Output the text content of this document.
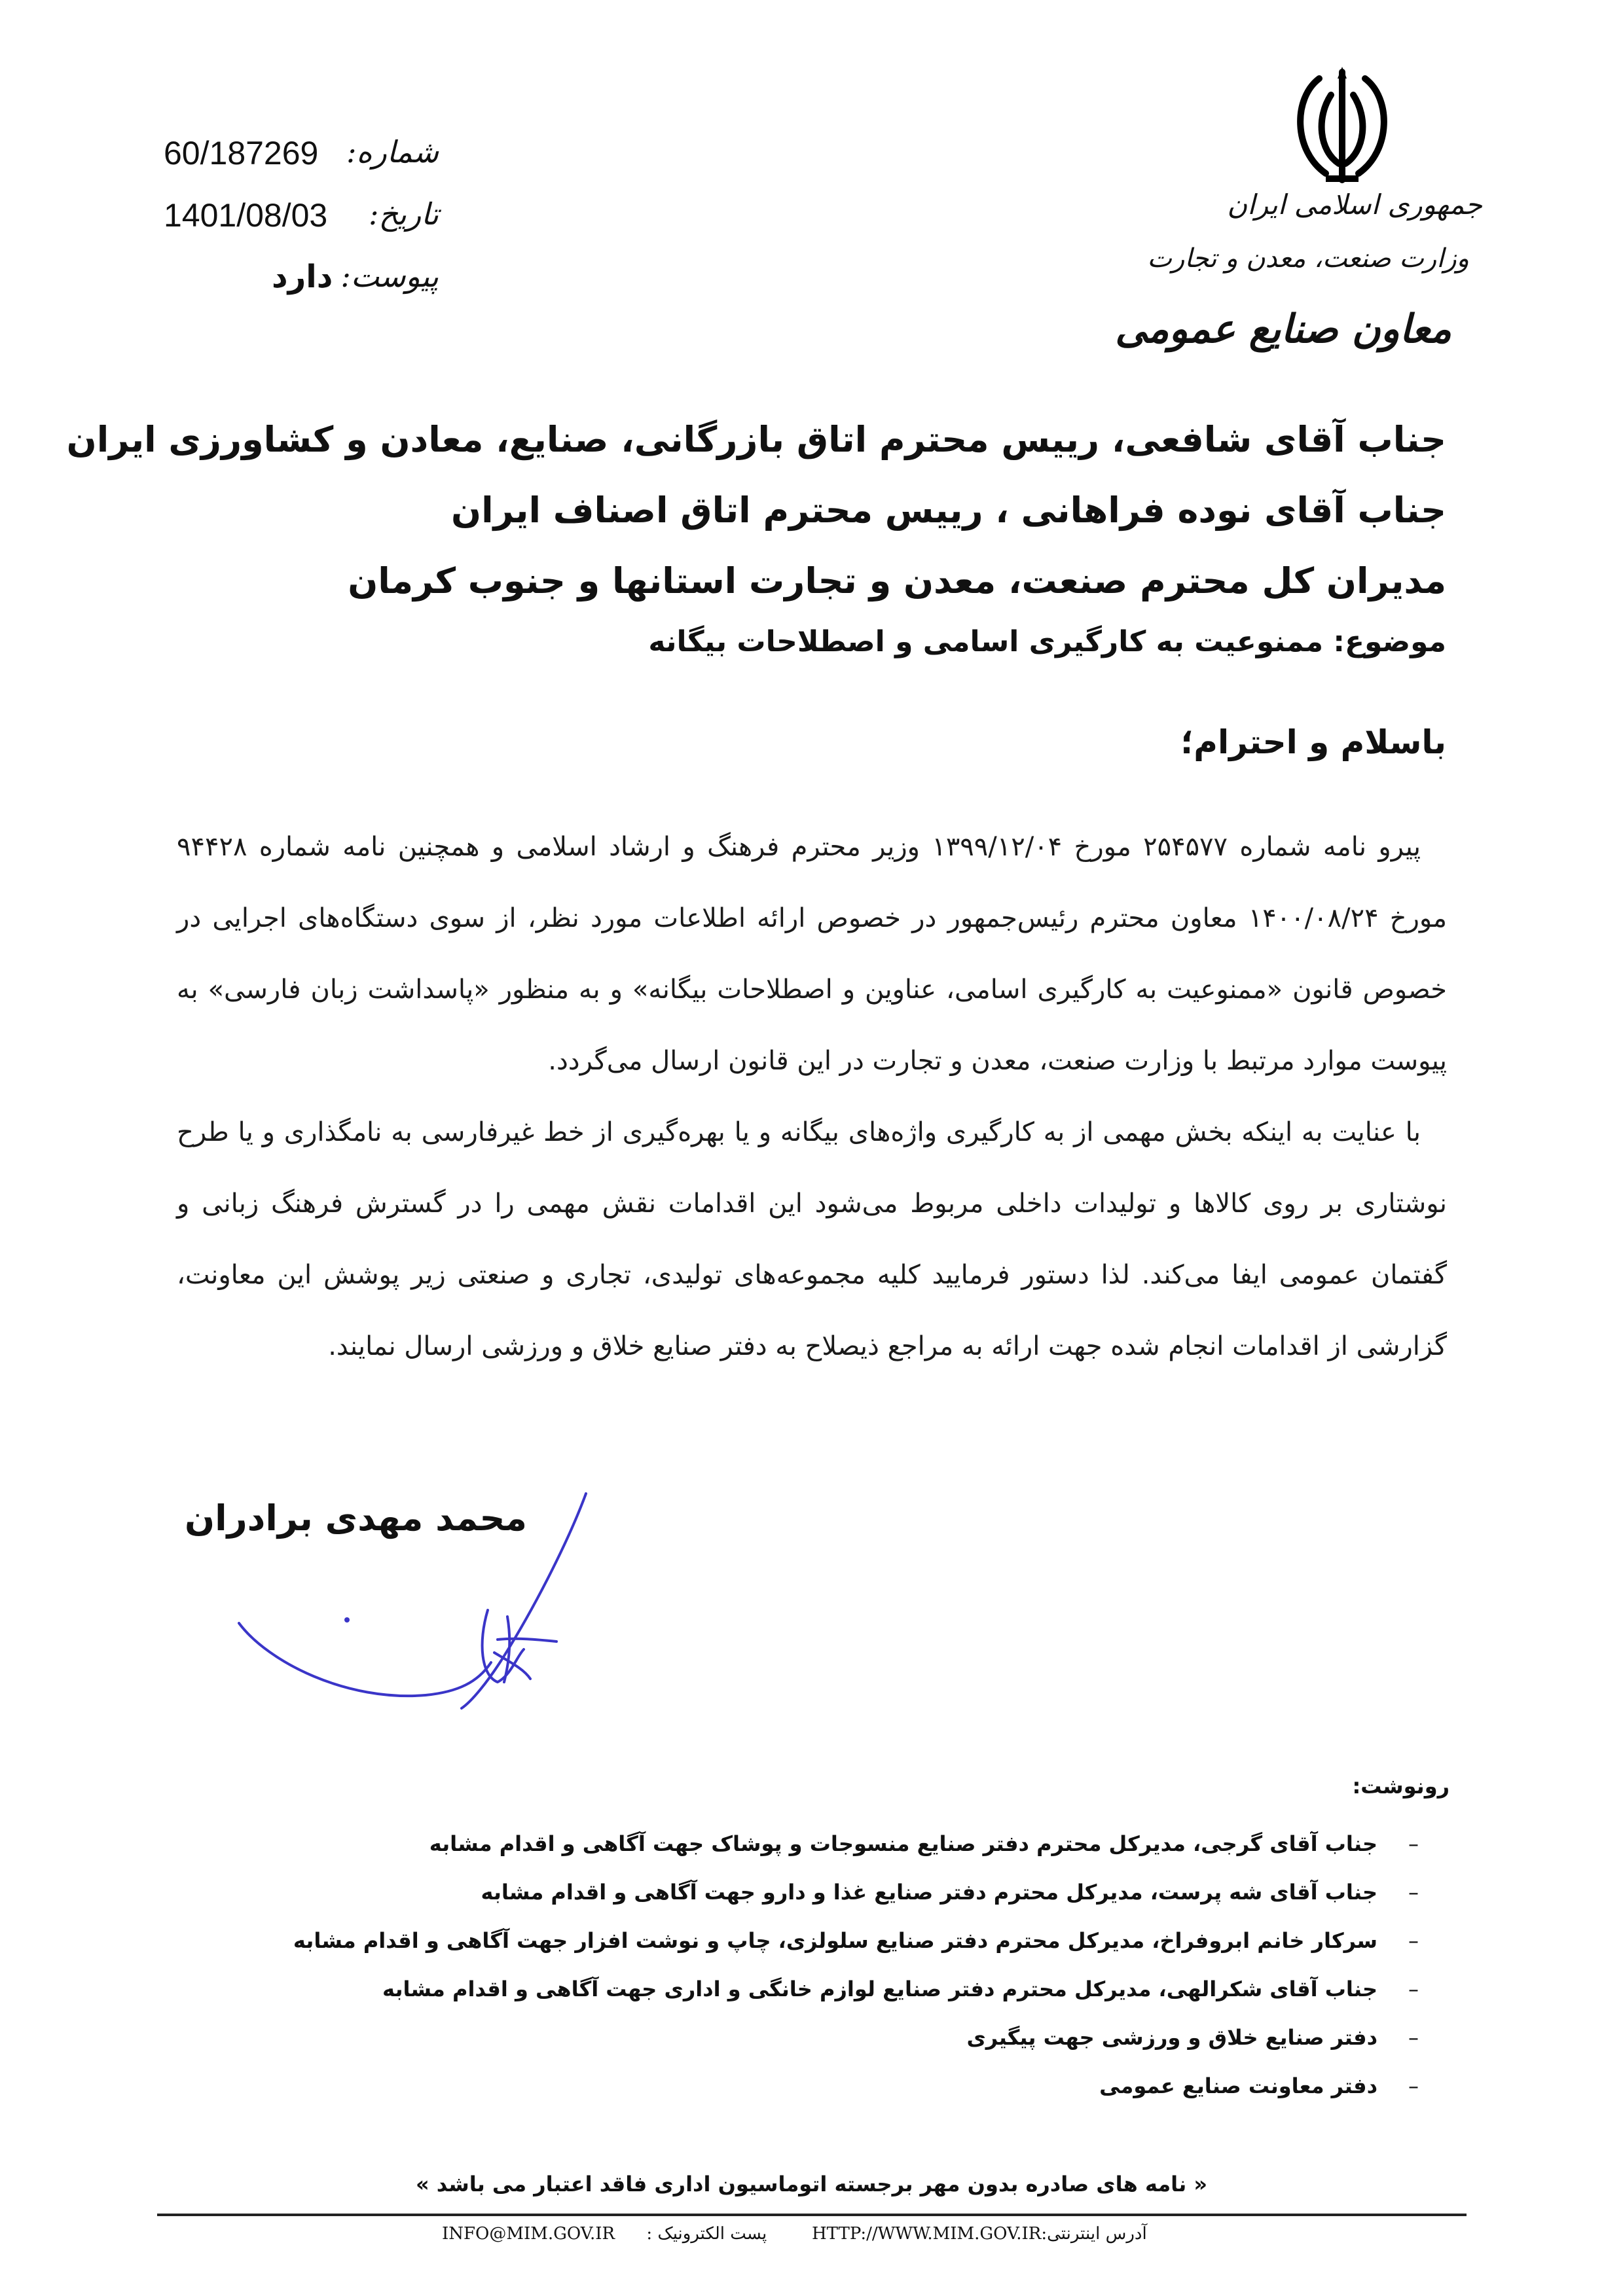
60/187269 شماره:
1401/08/03 تاریخ:
دارد پیوست:
جمهوری اسلامی ایران
وزارت صنعت، معدن و تجارت
معاون صنایع عمومی
جناب آقای شافعی، رییس محترم اتاق بازرگانی، صنایع، معادن و کشاورزی ایران
جناب آقای نوده فراهانی ، رییس محترم اتاق اصناف ایران
مدیران کل محترم صنعت، معدن و تجارت استانها و جنوب کرمان
موضوع: ممنوعیت به کارگیری اسامی و اصطلاحات بیگانه
باسلام و احترام؛
پیرو نامه شماره ۲۵۴۵۷۷ مورخ ۱۳۹۹/۱۲/۰۴ وزیر محترم فرهنگ و ارشاد اسلامی و همچنین نامه شماره ۹۴۴۲۸ مورخ ۱۴۰۰/۰۸/۲۴ معاون محترم رئیس‌جمهور در خصوص ارائه اطلاعات مورد نظر، از سوی دستگاه‌های اجرایی در خصوص قانون «ممنوعیت به کارگیری اسامی، عناوین و اصطلاحات بیگانه» و به منظور «پاسداشت زبان فارسی» به پیوست موارد مرتبط با وزارت صنعت، معدن و تجارت در این قانون ارسال می‌گردد.
با عنایت به اینکه بخش مهمی از به کارگیری واژه‌های بیگانه و یا بهره‌گیری از خط غیرفارسی به نامگذاری و یا طرح نوشتاری بر روی کالاها و تولیدات داخلی مربوط می‌شود این اقدامات نقش مهمی را در گسترش فرهنگ زبانی و گفتمان عمومی ایفا می‌کند. لذا دستور فرمایید کلیه مجموعه‌های تولیدی، تجاری و صنعتی زیر پوشش این معاونت، گزارشی از اقدامات انجام شده جهت ارائه به مراجع ذیصلاح به دفتر صنایع خلاق و ورزشی ارسال نمایند.
محمد مهدی برادران
رونوشت:
–جناب آقای گرجی، مدیرکل محترم دفتر صنایع منسوجات و پوشاک جهت آگاهی و اقدام مشابه
–جناب آقای شه پرست، مدیرکل محترم دفتر صنایع غذا و دارو جهت آگاهی و اقدام مشابه
–سرکار خانم ابروفراخ، مدیرکل محترم دفتر صنایع سلولزی، چاپ و نوشت افزار جهت آگاهی و اقدام مشابه
–جناب آقای شکرالهی، مدیرکل محترم دفتر صنایع لوازم خانگی و اداری جهت آگاهی و اقدام مشابه
–دفتر صنایع خلاق و ورزشی جهت پیگیری
–دفتر معاونت صنایع عمومی
« نامه های صادره بدون مهر برجسته اتوماسیون اداری فاقد اعتبار می باشد »
HTTP://WWW.MIM.GOV.IRآدرس اینترنتی:
INFO@MIM.GOV.IR پست الکترونیک :
